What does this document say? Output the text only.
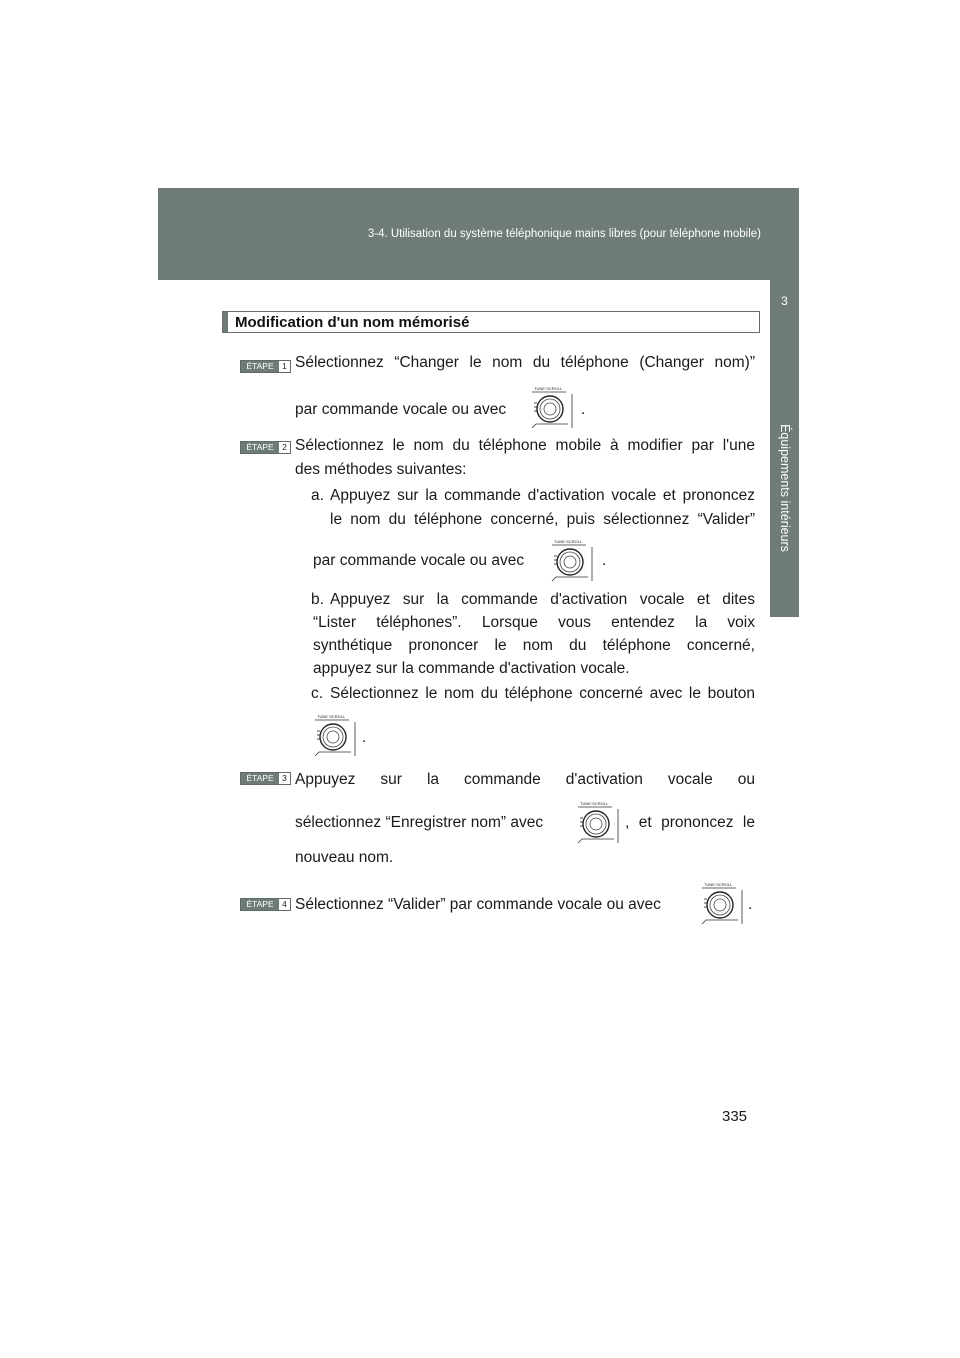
3-4. Utilisation du système téléphonique mains libres (pour téléphone mobile)
3
Équipements intérieurs
Modification d'un nom mémorisé
ÉTAPE	1 Sélectionnez “Changer le nom du téléphone (Changer nom)”
par commande vocale ou avec
TUNE·SCROLL
.
ÉTAPE	2 Sélectionnez le nom du téléphone mobile à modifier par l'une
des méthodes suivantes:
a. Appuyez sur la commande d'activation vocale et prononcez
le nom du téléphone concerné, puis sélectionnez “Valider”
par commande vocale ou avec
TUNE·SCROLL
.
b. Appuyez sur la commande d'activation vocale et dites
“Lister téléphones”. Lorsque vous entendez la voix
synthétique prononcer le nom du téléphone concerné,
appuyez sur la commande d'activation vocale.
c. Sélectionnez le nom du téléphone concerné avec le bouton
TUNE·SCROLL
.
ÉTAPE	3 Appuyez sur la commande d'activation vocale ou
sélectionnez “Enregistrer nom” avec
TUNE·SCROLL
, et prononcez le
nouveau nom.
ÉTAPE	4 Sélectionnez “Valider” par commande vocale ou avec
TUNE·SCROLL
.
335
